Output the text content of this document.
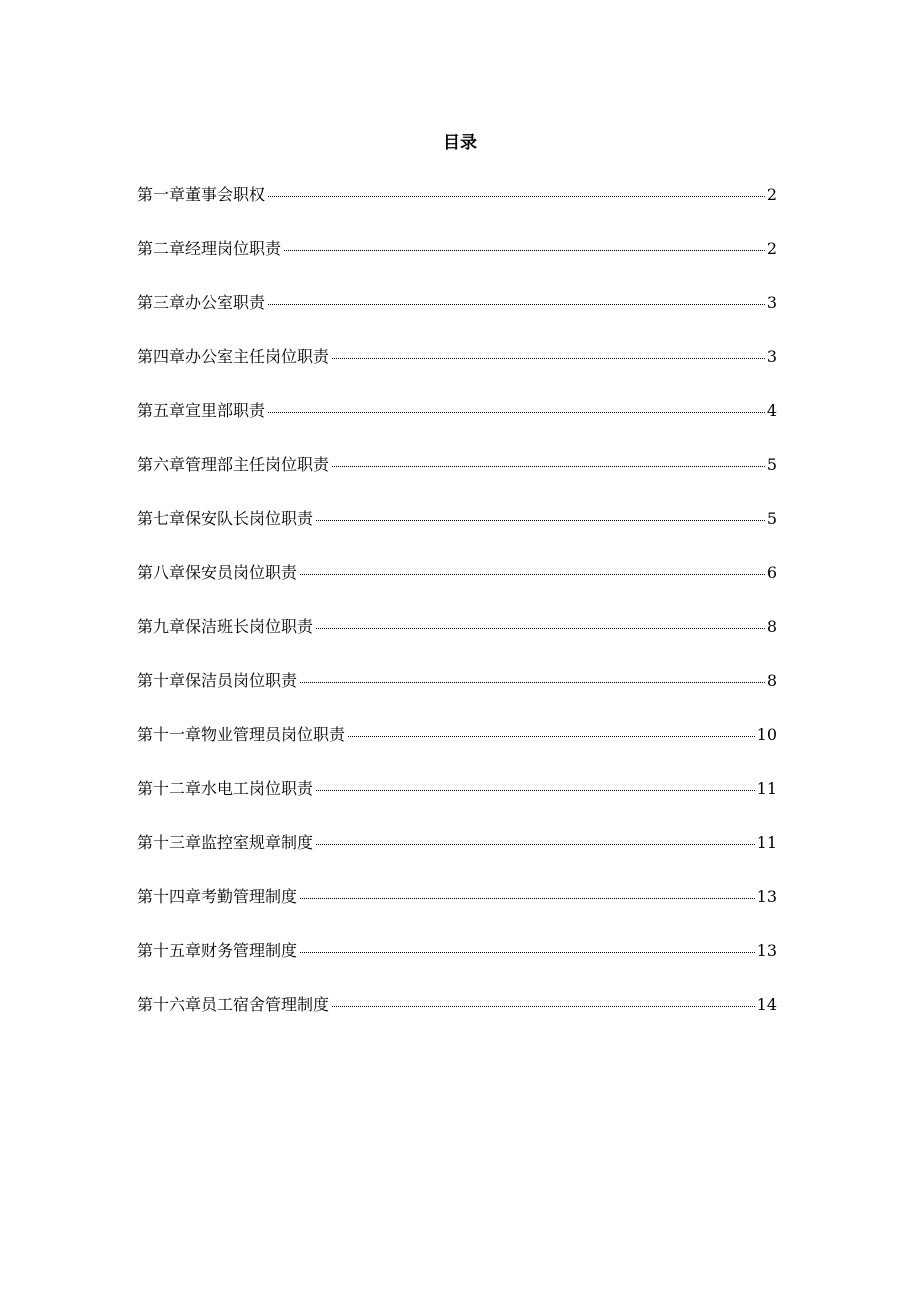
目录
第一章董事会职权	2
第二章经理岗位职责	2
第三章办公室职责	3
第四章办公室主任岗位职责	3
第五章宣里部职责	4
第六章管理部主任岗位职责	5
第七章保安队长岗位职责	5
第八章保安员岗位职责	6
第九章保洁班长岗位职责	8
第十章保洁员岗位职责	8
第十一章物业管理员岗位职责	10
第十二章水电工岗位职责	11
第十三章监控室规章制度	11
第十四章考勤管理制度	13
第十五章财务管理制度	13
第十六章员工宿舍管理制度	14
